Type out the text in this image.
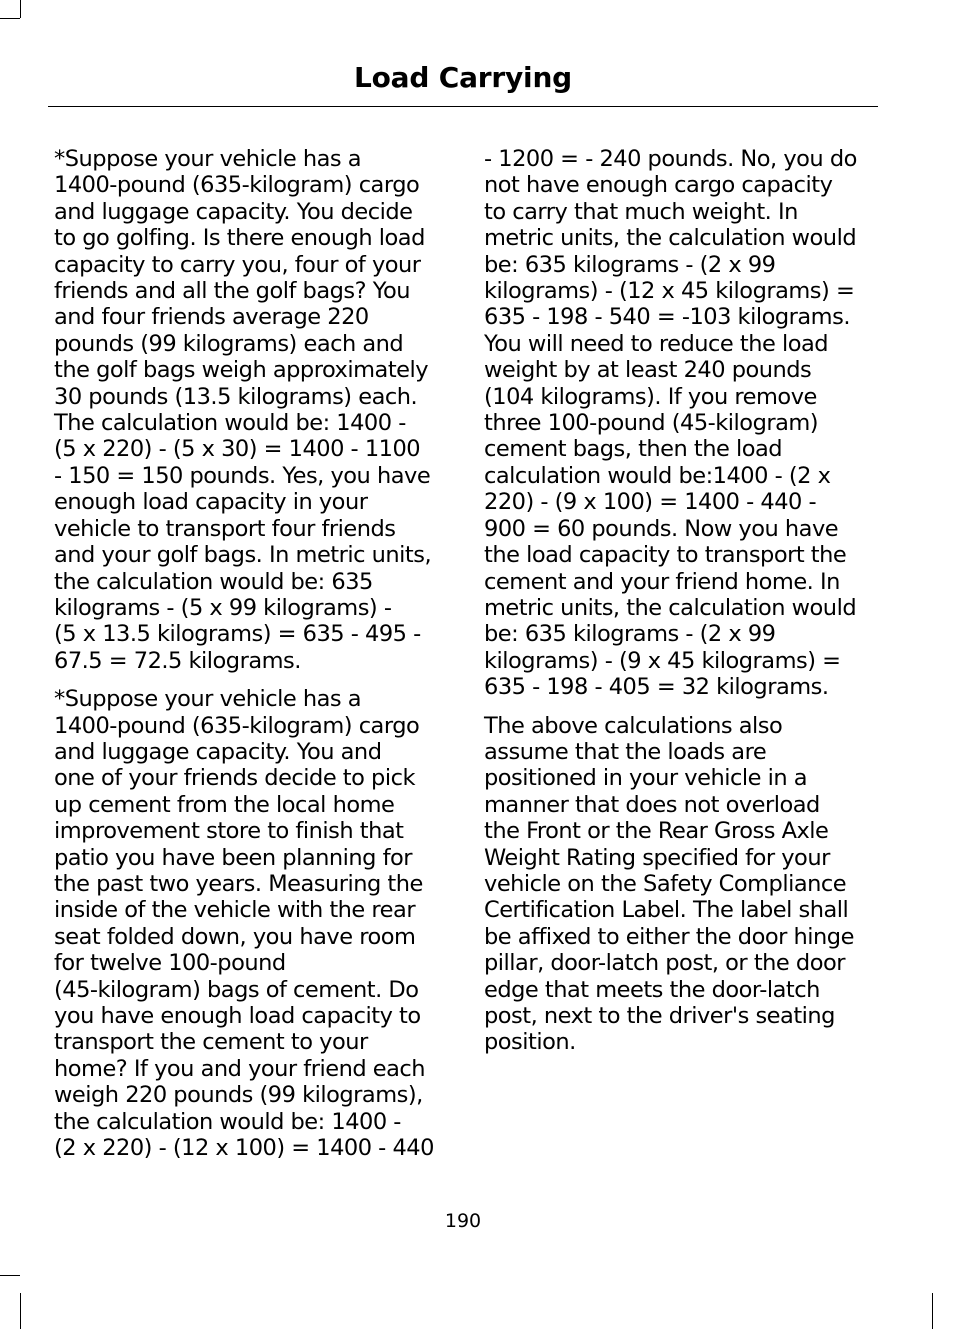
Load Carrying

*Suppose your vehicle has a
1400-pound (635-kilogram) cargo
and luggage capacity. You decide
to go golfing. Is there enough load
capacity to carry you, four of your
friends and all the golf bags? You
and four friends average 220
pounds (99 kilograms) each and
the golf bags weigh approximately
30 pounds (13.5 kilograms) each.
The calculation would be: 1400 -
(5 x 220) - (5 x 30) = 1400 - 1100
- 150 = 150 pounds. Yes, you have
enough load capacity in your
vehicle to transport four friends
and your golf bags. In metric units,
the calculation would be: 635
kilograms - (5 x 99 kilograms) -
(5 x 13.5 kilograms) = 635 - 495 -
67.5 = 72.5 kilograms.

*Suppose your vehicle has a
1400-pound (635-kilogram) cargo
and luggage capacity. You and
one of your friends decide to pick
up cement from the local home
improvement store to finish that
patio you have been planning for
the past two years. Measuring the
inside of the vehicle with the rear
seat folded down, you have room
for twelve 100-pound
(45-kilogram) bags of cement. Do
you have enough load capacity to
transport the cement to your
home? If you and your friend each
weigh 220 pounds (99 kilograms),
the calculation would be: 1400 -
(2 x 220) - (12 x 100) = 1400 - 440

- 1200 = - 240 pounds. No, you do
not have enough cargo capacity
to carry that much weight. In
metric units, the calculation would
be: 635 kilograms - (2 x 99
kilograms) - (12 x 45 kilograms) =
635 - 198 - 540 = -103 kilograms.
You will need to reduce the load
weight by at least 240 pounds
(104 kilograms). If you remove
three 100-pound (45-kilogram)
cement bags, then the load
calculation would be:1400 - (2 x
220) - (9 x 100) = 1400 - 440 -
900 = 60 pounds. Now you have
the load capacity to transport the
cement and your friend home. In
metric units, the calculation would
be: 635 kilograms - (2 x 99
kilograms) - (9 x 45 kilograms) =
635 - 198 - 405 = 32 kilograms.

The above calculations also
assume that the loads are
positioned in your vehicle in a
manner that does not overload
the Front or the Rear Gross Axle
Weight Rating specified for your
vehicle on the Safety Compliance
Certification Label. The label shall
be affixed to either the door hinge
pillar, door-latch post, or the door
edge that meets the door-latch
post, next to the driver's seating
position.

190
